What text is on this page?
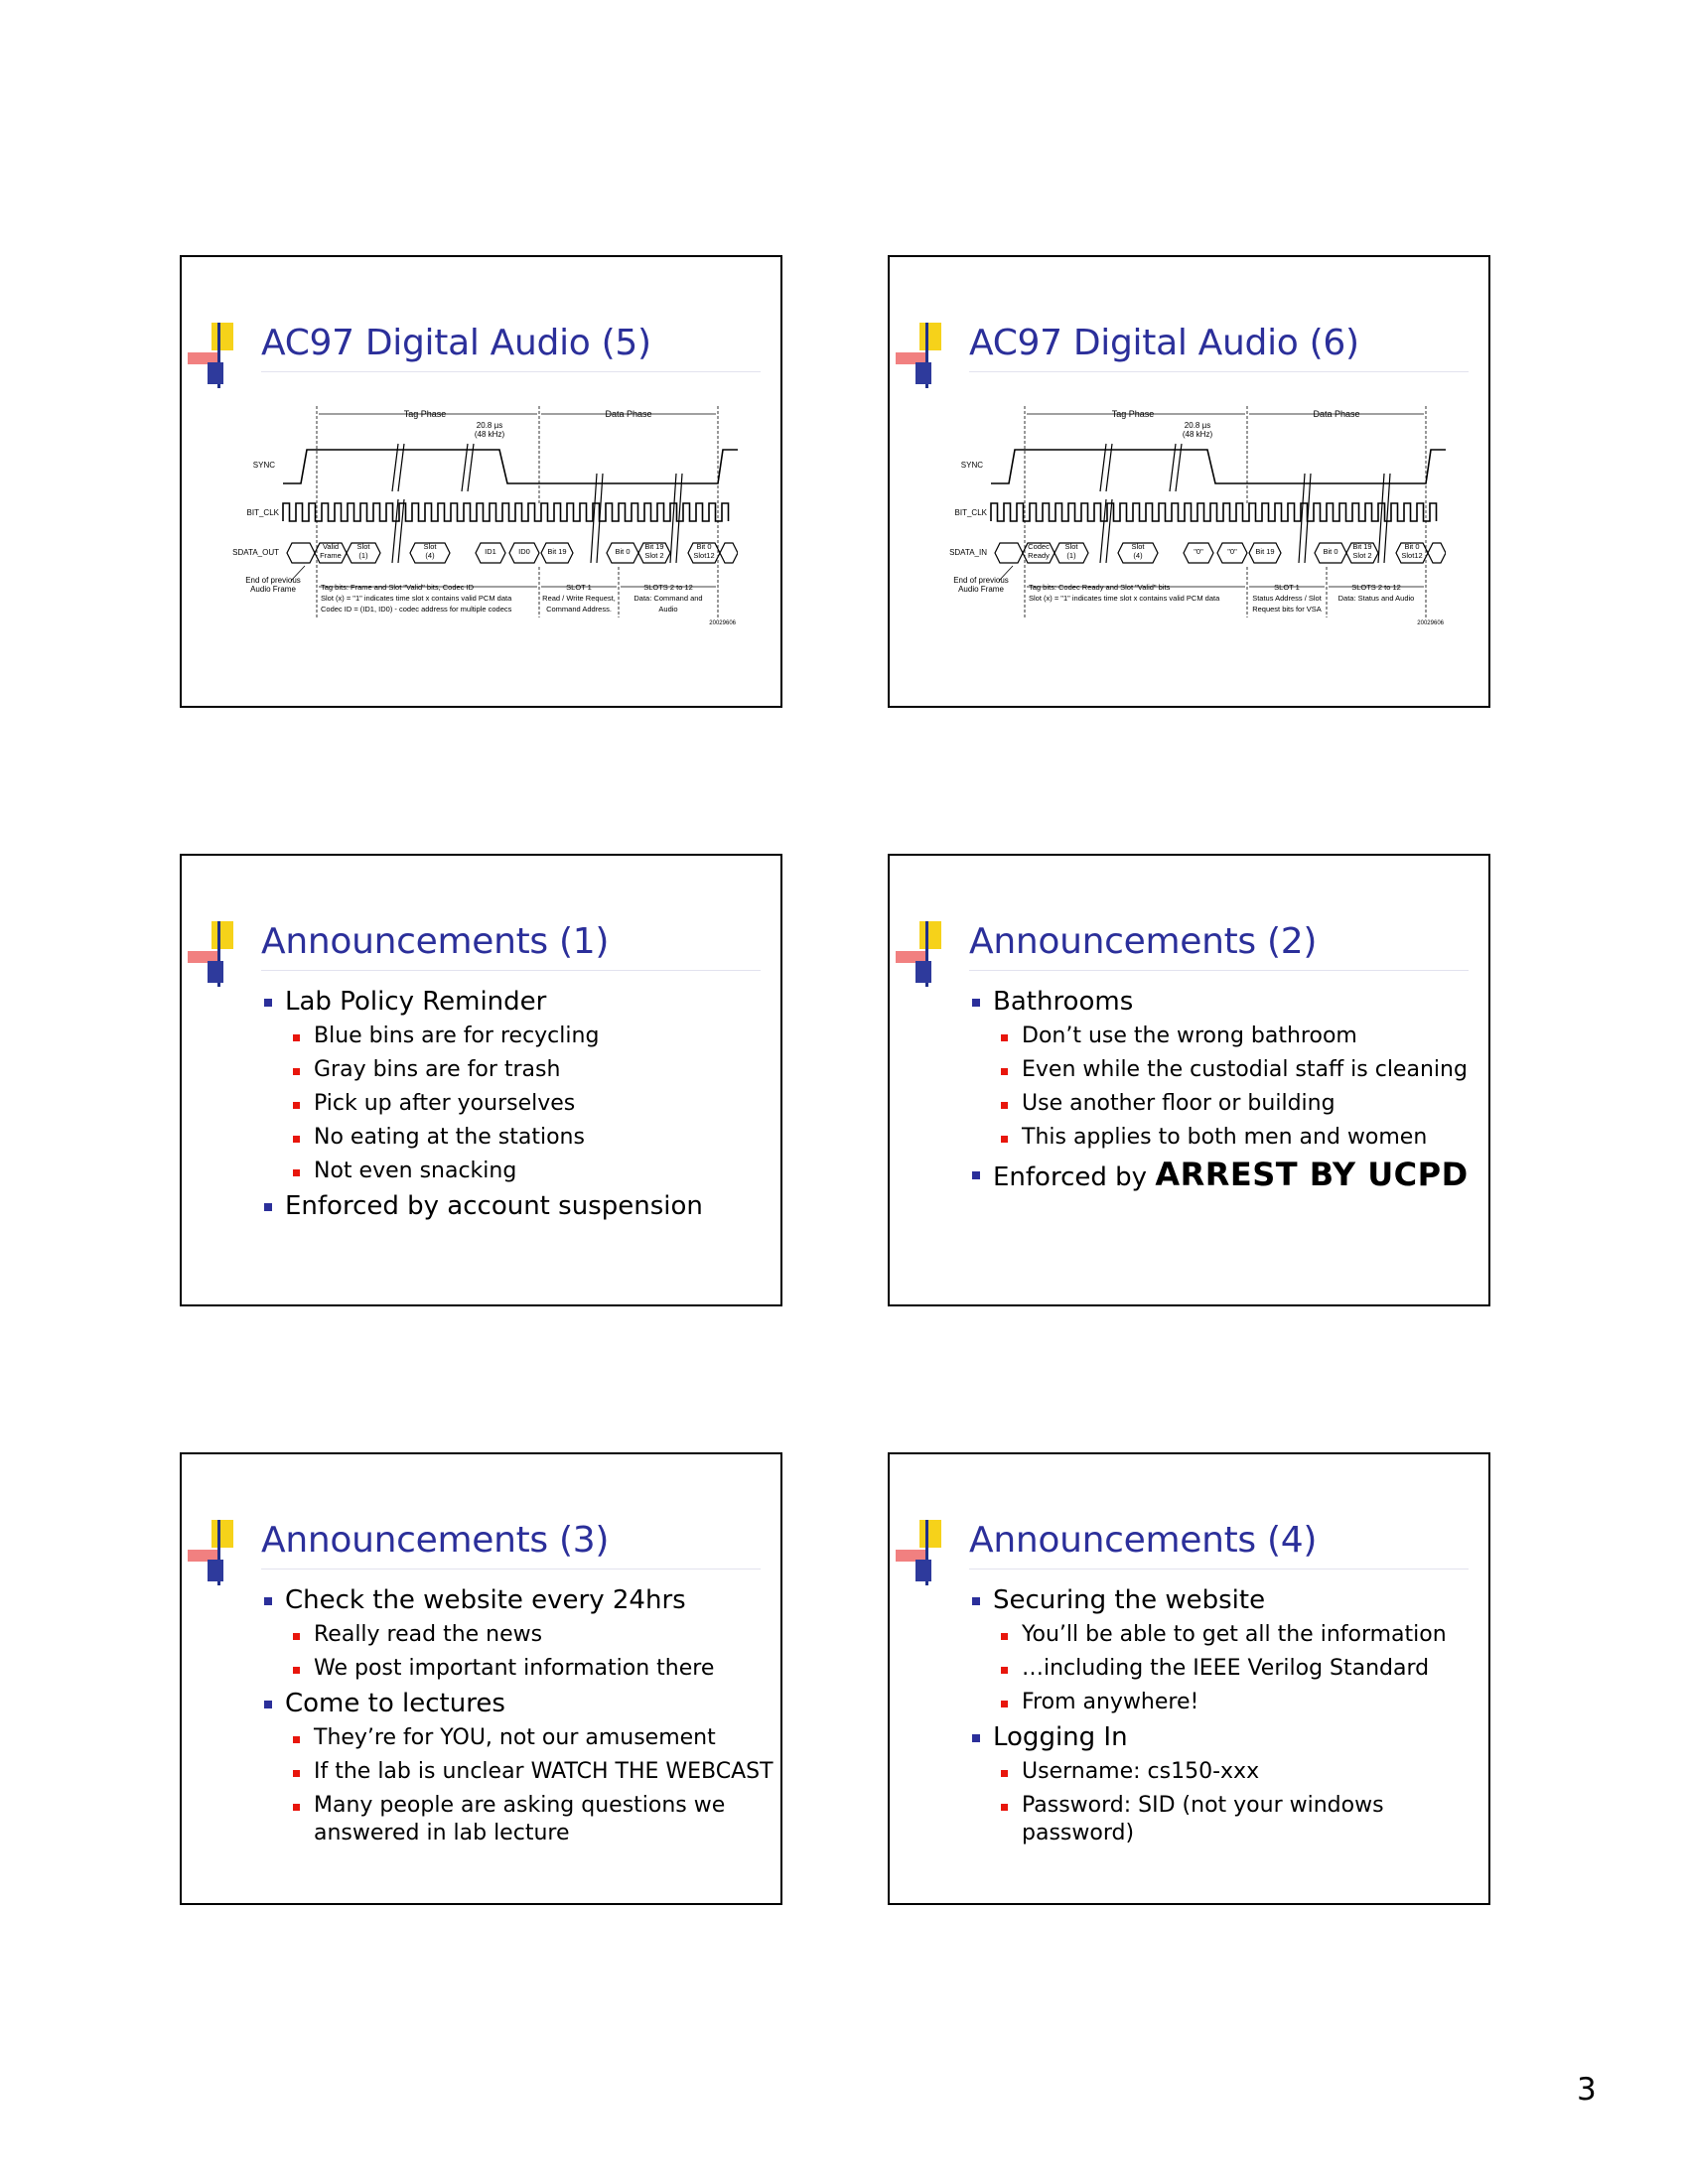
AC97 Digital Audio (5)
Tag Phase	Data Phase
20.8 µs
(48 kHz)
SYNC
BIT_CLK
SDATA_OUT
Valid
Frame
Slot
(1)
Slot
(4)	ID1	ID0 Bit 19	Bit 0
Bit 19
Slot 2
Bit 0
Slot12
End of previous
Audio Frame	Tag bits: Frame and Slot "Valid" bits, Codec ID
Slot (x) = "1" indicates time slot x contains valid PCM data
Codec ID = (ID1, ID0) - codec address for multiple codecs
SLOT 1
Read / Write Request,
Command Address.
SLOTS 2 to 12
Data: Command and
Audio
20029606
AC97 Digital Audio (6)
Tag Phase	Data Phase
20.8 µs
(48 kHz)
SYNC
BIT_CLK
SDATA_IN
Codec
Ready
Slot
(1)
Slot
(4)	"0"	"0" Bit 19	Bit 0
Bit 19
Slot 2
Bit 0
Slot12
End of previous
Audio Frame	Tag bits: Codec Ready and Slot "Valid" bits
Slot (x) = "1" indicates time slot x contains valid PCM data
SLOT 1
Status Address / Slot
Request bits for VSA
SLOTS 2 to 12
Data: Status and Audio
20029606
Announcements (1)
Lab Policy Reminder
Blue bins are for recycling
Gray bins are for trash
Pick up after yourselves
No eating at the stations
Not even snacking
Enforced by account suspension
Announcements (2)
Bathrooms
Don’t use the wrong bathroom
Even while the custodial staff is cleaning
Use another floor or building
This applies to both men and women
Enforced by ARREST BY UCPD
Announcements (3)
Check the website every 24hrs
Really read the news
We post important information there
Come to lectures
They’re for YOU, not our amusement
If the lab is unclear WATCH THE WEBCAST
Many people are asking questions we answered in lab lecture
Announcements (4)
Securing the website
You’ll be able to get all the information
…including the IEEE Verilog Standard
From anywhere!
Logging In
Username: cs150-xxx
Password: SID (not your windows password)
3
